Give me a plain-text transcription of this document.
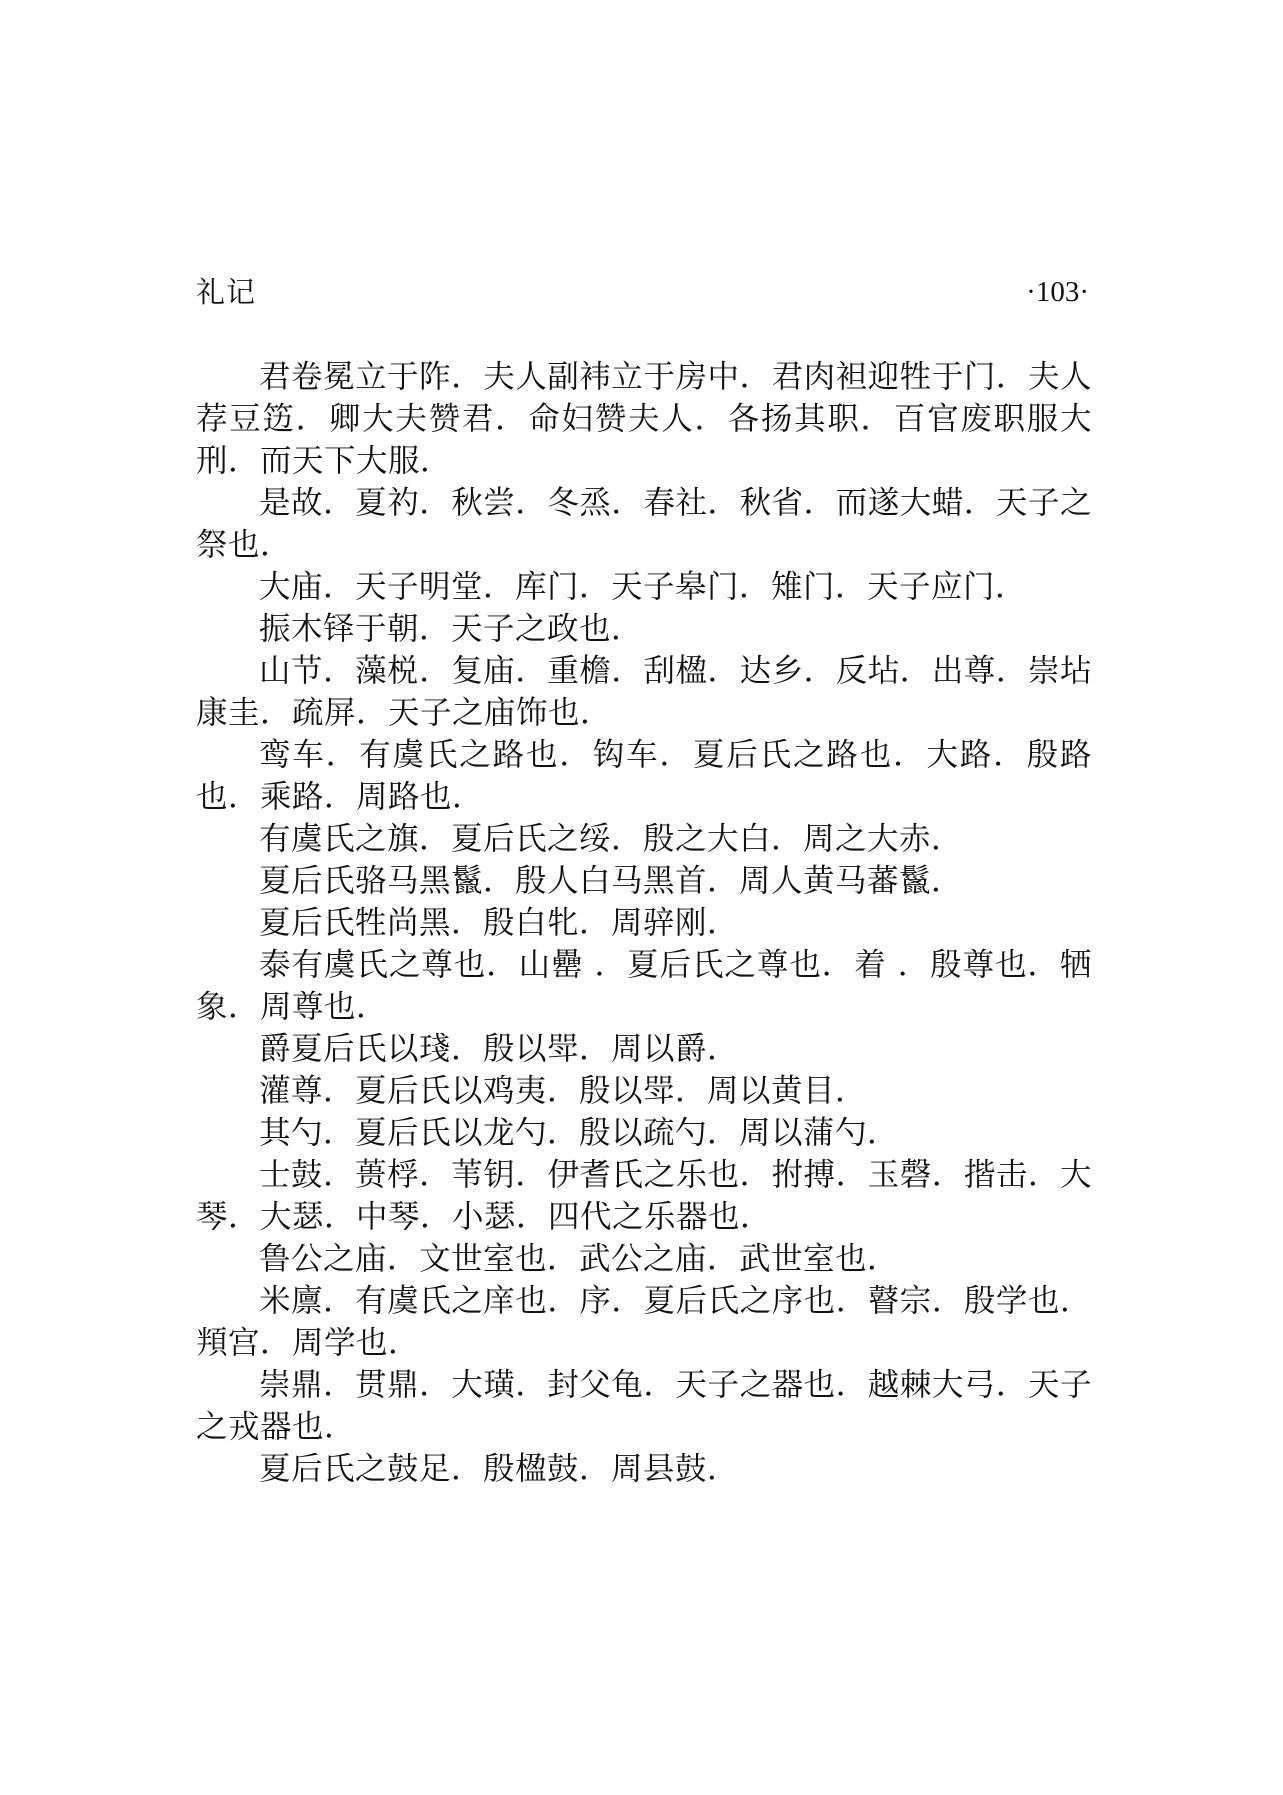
礼记	·103·

君卷冕立于阼．夫人副袆立于房中．君肉袒迎牲于门．夫人荐豆笾．卿大夫赞君．命妇赞夫人．各扬其职．百官废职服大刑．而天下大服．

是故．夏礿．秋尝．冬烝．春社．秋省．而遂大蜡．天子之祭也．

大庙．天子明堂．库门．天子皋门．雉门．天子应门．

振木铎于朝．天子之政也．

山节．藻棁．复庙．重檐．刮楹．达乡．反坫．出尊．崇坫康圭．疏屏．天子之庙饰也．

鸾车．有虞氏之路也．钩车．夏后氏之路也．大路．殷路也．乘路．周路也．

有虞氏之旗．夏后氏之绥．殷之大白．周之大赤．

夏后氏骆马黑鬣．殷人白马黑首．周人黄马蕃鬣．

夏后氏牲尚黑．殷白牝．周骍刚．

泰有虞氏之尊也．山罍 ．夏后氏之尊也．着 ．殷尊也．牺象．周尊也．

爵夏后氏以琖．殷以斝．周以爵．

灌尊．夏后氏以鸡夷．殷以斝．周以黄目．

其勺．夏后氏以龙勺．殷以疏勺．周以蒲勺．

士鼓．蒉桴．苇钥．伊耆氏之乐也．拊搏．玉磬．揩击．大琴．大瑟．中琴．小瑟．四代之乐器也．

鲁公之庙．文世室也．武公之庙．武世室也．

米廪．有虞氏之庠也．序．夏后氏之序也．瞽宗．殷学也．頖宫．周学也．

崇鼎．贯鼎．大璜．封父龟．天子之器也．越棘大弓．天子之戎器也．

夏后氏之鼓足．殷楹鼓．周县鼓．
